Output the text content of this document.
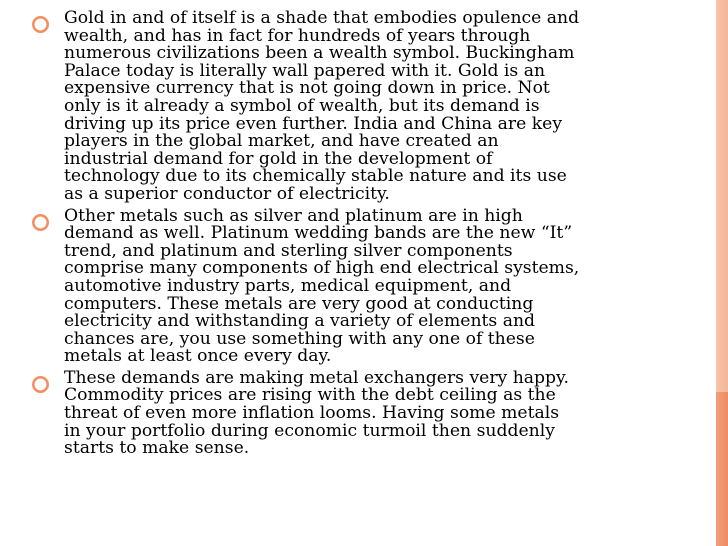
Gold in and of itself is a shade that embodies opulence and
wealth, and has in fact for hundreds of years through
numerous civilizations been a wealth symbol. Buckingham
Palace today is literally wall papered with it. Gold is an
expensive currency that is not going down in price. Not
only is it already a symbol of wealth, but its demand is
driving up its price even further. India and China are key
players in the global market, and have created an
industrial demand for gold in the development of
technology due to its chemically stable nature and its use
as a superior conductor of electricity.
Other metals such as silver and platinum are in high
demand as well. Platinum wedding bands are the new “It”
trend, and platinum and sterling silver components
comprise many components of high end electrical systems,
automotive industry parts, medical equipment, and
computers. These metals are very good at conducting
electricity and withstanding a variety of elements and
chances are, you use something with any one of these
metals at least once every day.
These demands are making metal exchangers very happy.
Commodity prices are rising with the debt ceiling as the
threat of even more inflation looms. Having some metals
in your portfolio during economic turmoil then suddenly
starts to make sense.
